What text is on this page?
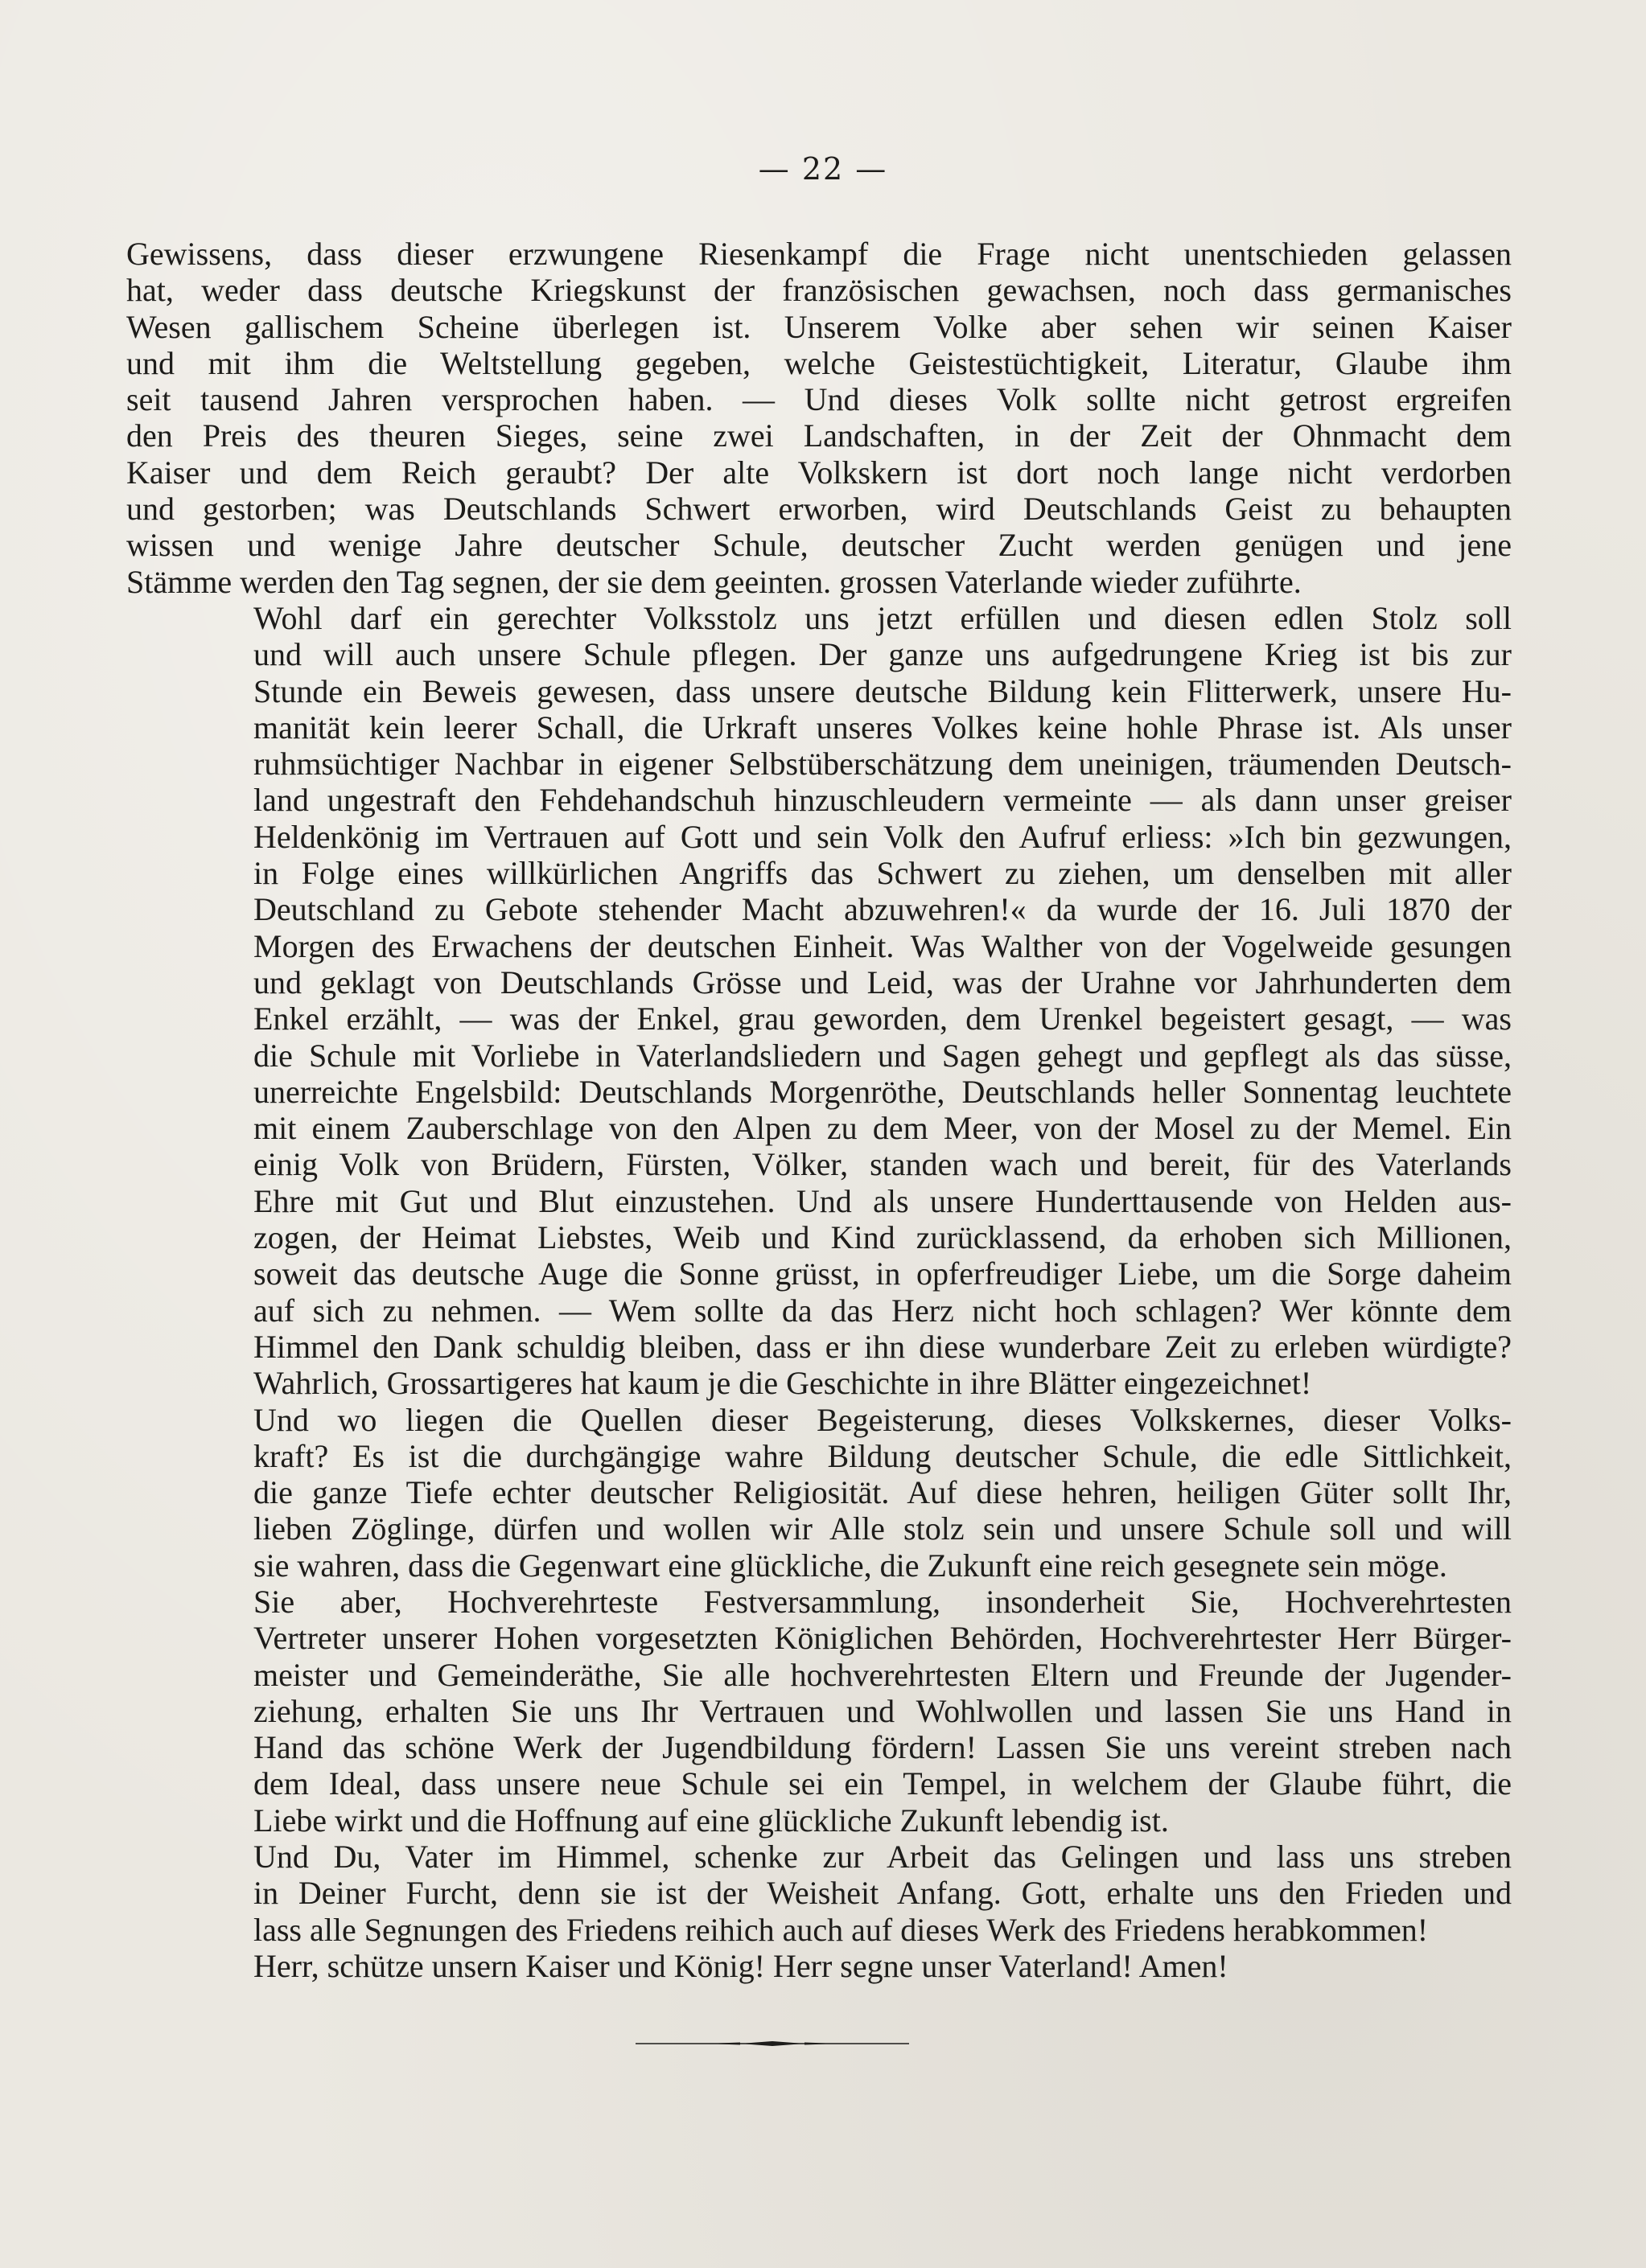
— 22 —

Gewissens, dass dieser erzwungene Riesenkampf die Frage nicht unentschieden gelassen
hat, weder dass deutsche Kriegskunst der französischen gewachsen, noch dass germanisches
Wesen gallischem Scheine überlegen ist. Unserem Volke aber sehen wir seinen Kaiser
und mit ihm die Weltstellung gegeben, welche Geistestüchtigkeit, Literatur, Glaube ihm
seit tausend Jahren versprochen haben. — Und dieses Volk sollte nicht getrost ergreifen
den Preis des theuren Sieges, seine zwei Landschaften, in der Zeit der Ohnmacht dem
Kaiser und dem Reich geraubt? Der alte Volkskern ist dort noch lange nicht verdorben
und gestorben; was Deutschlands Schwert erworben, wird Deutschlands Geist zu behaupten
wissen und wenige Jahre deutscher Schule, deutscher Zucht werden genügen und jene
Stämme werden den Tag segnen, der sie dem geeinten. grossen Vaterlande wieder zuführte.

Wohl darf ein gerechter Volksstolz uns jetzt erfüllen und diesen edlen Stolz soll
und will auch unsere Schule pflegen. Der ganze uns aufgedrungene Krieg ist bis zur
Stunde ein Beweis gewesen, dass unsere deutsche Bildung kein Flitterwerk, unsere Hu-
manität kein leerer Schall, die Urkraft unseres Volkes keine hohle Phrase ist. Als unser
ruhmsüchtiger Nachbar in eigener Selbstüberschätzung dem uneinigen, träumenden Deutsch-
land ungestraft den Fehdehandschuh hinzuschleudern vermeinte — als dann unser greiser
Heldenkönig im Vertrauen auf Gott und sein Volk den Aufruf erliess: »Ich bin gezwungen,
in Folge eines willkürlichen Angriffs das Schwert zu ziehen, um denselben mit aller
Deutschland zu Gebote stehender Macht abzuwehren!« da wurde der 16. Juli 1870 der
Morgen des Erwachens der deutschen Einheit. Was Walther von der Vogelweide gesungen
und geklagt von Deutschlands Grösse und Leid, was der Urahne vor Jahrhunderten dem
Enkel erzählt, — was der Enkel, grau geworden, dem Urenkel begeistert gesagt, — was
die Schule mit Vorliebe in Vaterlandsliedern und Sagen gehegt und gepflegt als das süsse,
unerreichte Engelsbild: Deutschlands Morgenröthe, Deutschlands heller Sonnentag leuchtete
mit einem Zauberschlage von den Alpen zu dem Meer, von der Mosel zu der Memel. Ein
einig Volk von Brüdern, Fürsten, Völker, standen wach und bereit, für des Vaterlands
Ehre mit Gut und Blut einzustehen. Und als unsere Hunderttausende von Helden aus-
zogen, der Heimat Liebstes, Weib und Kind zurücklassend, da erhoben sich Millionen,
soweit das deutsche Auge die Sonne grüsst, in opferfreudiger Liebe, um die Sorge daheim
auf sich zu nehmen. — Wem sollte da das Herz nicht hoch schlagen? Wer könnte dem
Himmel den Dank schuldig bleiben, dass er ihn diese wunderbare Zeit zu erleben würdigte?
Wahrlich, Grossartigeres hat kaum je die Geschichte in ihre Blätter eingezeichnet!

Und wo liegen die Quellen dieser Begeisterung, dieses Volkskernes, dieser Volks-
kraft? Es ist die durchgängige wahre Bildung deutscher Schule, die edle Sittlichkeit,
die ganze Tiefe echter deutscher Religiosität. Auf diese hehren, heiligen Güter sollt Ihr,
lieben Zöglinge, dürfen und wollen wir Alle stolz sein und unsere Schule soll und will
sie wahren, dass die Gegenwart eine glückliche, die Zukunft eine reich gesegnete sein möge.

Sie aber, Hochverehrteste Festversammlung, insonderheit Sie, Hochverehrtesten
Vertreter unserer Hohen vorgesetzten Königlichen Behörden, Hochverehrtester Herr Bürger-
meister und Gemeinderäthe, Sie alle hochverehrtesten Eltern und Freunde der Jugender-
ziehung, erhalten Sie uns Ihr Vertrauen und Wohlwollen und lassen Sie uns Hand in
Hand das schöne Werk der Jugendbildung fördern! Lassen Sie uns vereint streben nach
dem Ideal, dass unsere neue Schule sei ein Tempel, in welchem der Glaube führt, die
Liebe wirkt und die Hoffnung auf eine glückliche Zukunft lebendig ist.

Und Du, Vater im Himmel, schenke zur Arbeit das Gelingen und lass uns streben
in Deiner Furcht, denn sie ist der Weisheit Anfang. Gott, erhalte uns den Frieden und
lass alle Segnungen des Friedens reihich auch auf dieses Werk des Friedens herabkommen!

Herr, schütze unsern Kaiser und König! Herr segne unser Vaterland! Amen!
